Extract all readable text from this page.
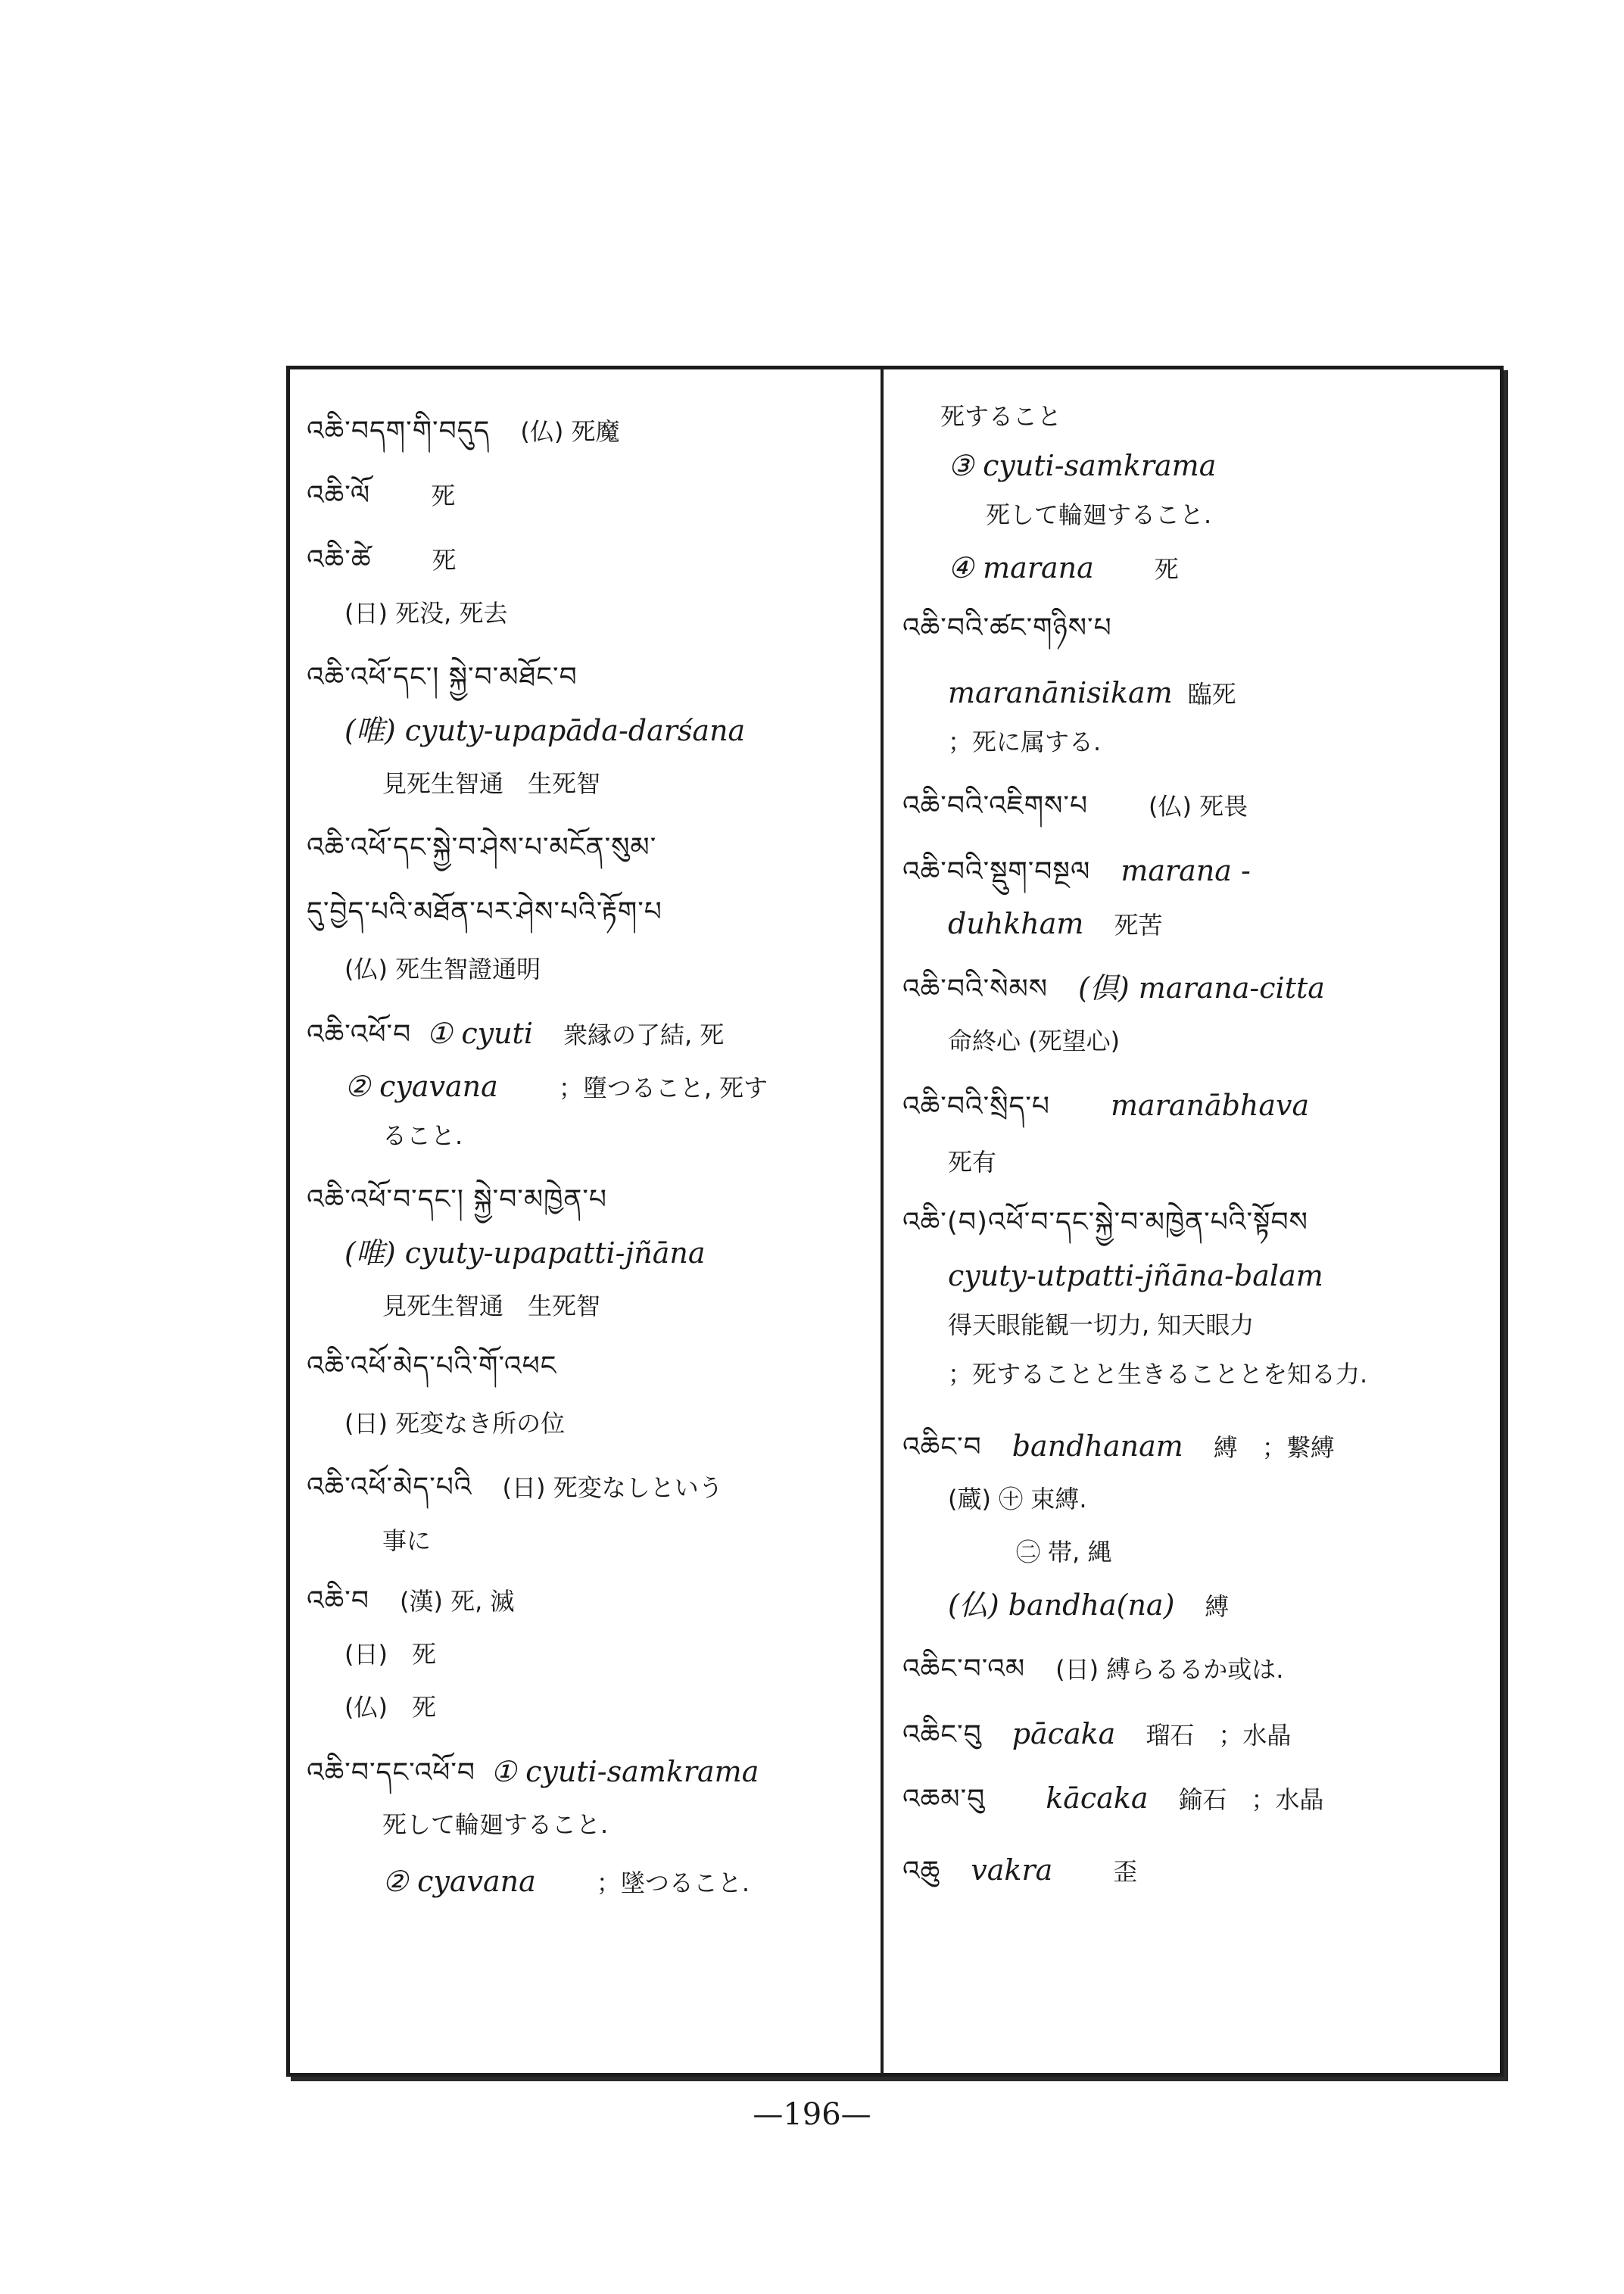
འཆི་བདག་གི་བདུད (仏) 死魔
འཆི་ལོ	死
འཆི་ཚེ	死
(日) 死没, 死去
འཆི་འཕོ་དང་། སྐྱེ་བ་མཐོང་བ
(唯) cyuty-upapāda-darśana
見死生智通　生死智
འཆི་འཕོ་དང་སྐྱེ་བ་ཤེས་པ་མངོན་སུམ་
དུ་བྱེད་པའི་མཐོན་པར་ཤེས་པའི་རྟོག་པ
(仏) 死生智證通明
འཆི་འཕོ་བ ① cyuti 衆縁の了結, 死
② cyavana	；墮つること, 死す
ること.
འཆི་འཕོ་བ་དང་། སྐྱེ་བ་མཁྱེན་པ
(唯) cyuty-upapatti-jñāna
見死生智通　生死智
འཆི་འཕོ་མེད་པའི་གོ་འཕང
(日) 死変なき所の位
འཆི་འཕོ་མེད་པའི (日) 死変なしという
事に
འཆི་བ (漢) 死, 滅
(日)　死
(仏)　死
འཆི་བ་དང་འཕོ་བ ① cyuti-samkrama
死して輪廻すること.
② cyavana	；墜つること.
死すること
③ cyuti-samkrama
死して輪廻すること.
④ marana	死
འཆི་བའི་ཚང་གཉིས་པ
maranānisikam 臨死
；死に属する.
འཆི་བའི་འཇིགས་པ	(仏) 死畏
འཆི་བའི་སྡུག་བསྔལ marana -
duhkham 死苦
འཆི་བའི་སེམས (倶) marana-citta
命終心 (死望心)
འཆི་བའི་སྲིད་པ maranābhava
死有
འཆི་(བ)འཕོ་བ་དང་སྐྱེ་བ་མཁྱེན་པའི་སྟོབས
cyuty-utpatti-jñāna-balam
得天眼能観一切力, 知天眼力
；死することと生きることとを知る力.
འཆིང་བ bandhanam 縛　；繋縛
(蔵) ㊉ 束縛.
㊁ 帯, 縄
(仏) bandha(na) 縛
འཆིང་བ་འམ (日) 縛らるるか或は.
འཆིང་བུ pācaka 瑠石　；水晶
འཆམ་བུ kācaka 鍮石　；水晶
འཆུ vakra	歪
—196—
